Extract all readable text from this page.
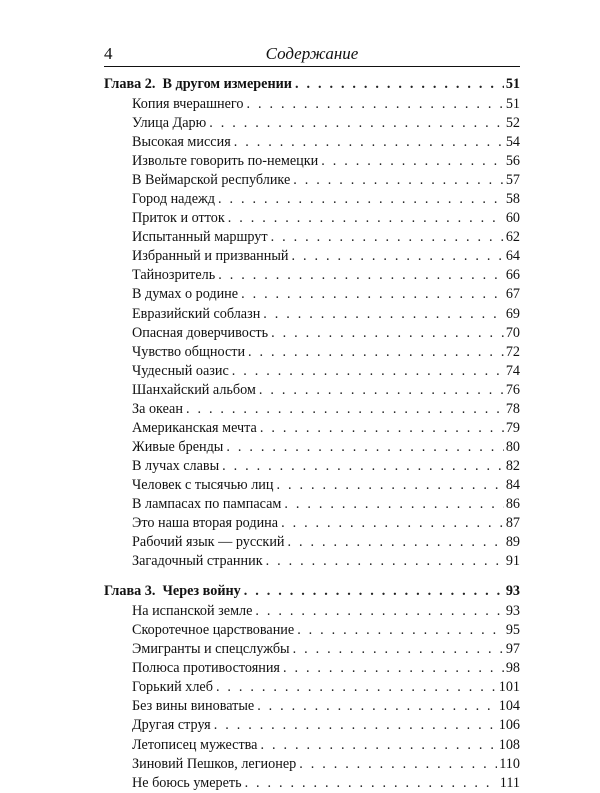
4	Содержание
Глава 2. В другом измерении . . .	51
Копия вчерашнего . . .	51
Улица Дарю . . .	52
Высокая миссия . . .	54
Извольте говорить по-немецки . . .	56
В Веймарской республике . . .	57
Город надежд . . .	58
Приток и отток . . .	60
Испытанный маршрут . . .	62
Избранный и призванный . . .	64
Тайнозритель . . .	66
В думах о родине . . .	67
Евразийский соблазн . . .	69
Опасная доверчивость . . .	70
Чувство общности . . .	72
Чудесный оазис . . .	74
Шанхайский альбом . . .	76
За океан . . .	78
Американская мечта . . .	79
Живые бренды . . .	80
В лучах славы . . .	82
Человек с тысячью лиц . . .	84
В лампасах по пампасам . . .	86
Это наша вторая родина . . .	87
Рабочий язык — русский . . .	89
Загадочный странник . . .	91
Глава 3. Через войну . . .	93
На испанской земле . . .	93
Скоротечное царствование . . .	95
Эмигранты и спецслужбы . . .	97
Полюса противостояния . . .	98
Горький хлеб . . .	101
Без вины виноватые . . .	104
Другая струя . . .	106
Летописец мужества . . .	108
Зиновий Пешков, легионер . . .	110
Не боюсь умереть . . .	111
